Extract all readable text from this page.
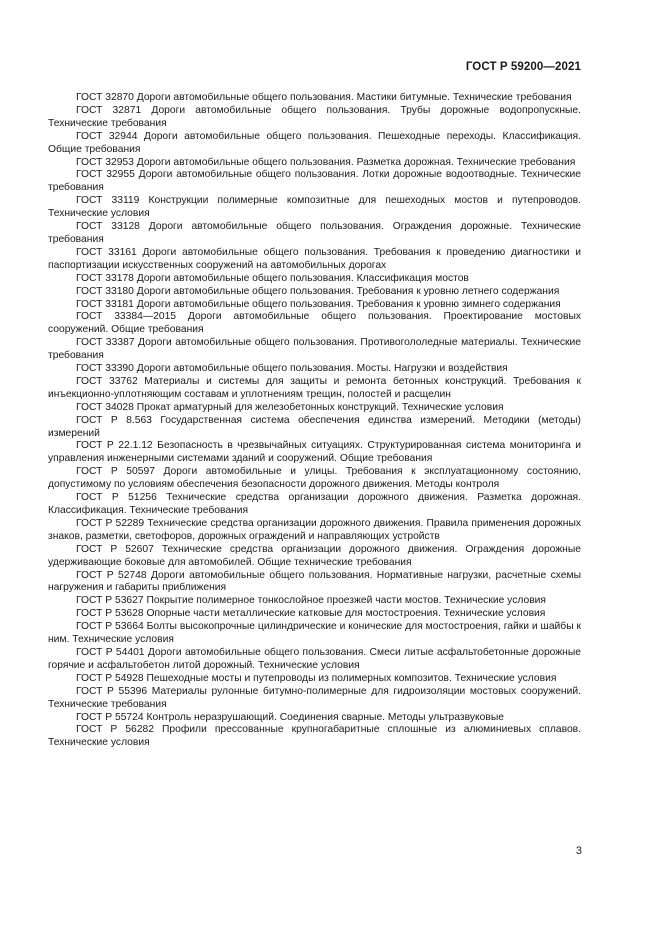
ГОСТ Р 59200—2021

ГОСТ 32870 Дороги автомобильные общего пользования. Мастики битумные. Технические требования

ГОСТ 32871 Дороги автомобильные общего пользования. Трубы дорожные водопропускные. Технические требования

ГОСТ 32944 Дороги автомобильные общего пользования. Пешеходные переходы. Классификация. Общие требования

ГОСТ 32953 Дороги автомобильные общего пользования. Разметка дорожная. Технические требования

ГОСТ 32955 Дороги автомобильные общего пользования. Лотки дорожные водоотводные. Технические требования

ГОСТ 33119 Конструкции полимерные композитные для пешеходных мостов и путепроводов. Технические условия

ГОСТ 33128 Дороги автомобильные общего пользования. Ограждения дорожные. Технические требования

ГОСТ 33161 Дороги автомобильные общего пользования. Требования к проведению диагностики и паспортизации искусственных сооружений на автомобильных дорогах

ГОСТ 33178 Дороги автомобильные общего пользования. Классификация мостов

ГОСТ 33180 Дороги автомобильные общего пользования. Требования к уровню летнего содержания

ГОСТ 33181 Дороги автомобильные общего пользования. Требования к уровню зимнего содержания

ГОСТ 33384—2015 Дороги автомобильные общего пользования. Проектирование мостовых сооружений. Общие требования

ГОСТ 33387 Дороги автомобильные общего пользования. Противогололедные материалы. Технические требования

ГОСТ 33390 Дороги автомобильные общего пользования. Мосты. Нагрузки и воздействия

ГОСТ 33762 Материалы и системы для защиты и ремонта бетонных конструкций. Требования к инъекционно-уплотняющим составам и уплотнениям трещин, полостей и расщелин

ГОСТ 34028 Прокат арматурный для железобетонных конструкций. Технические условия

ГОСТ Р 8.563 Государственная система обеспечения единства измерений. Методики (методы) измерений

ГОСТ Р 22.1.12 Безопасность в чрезвычайных ситуациях. Структурированная система мониторинга и управления инженерными системами зданий и сооружений. Общие требования

ГОСТ Р 50597 Дороги автомобильные и улицы. Требования к эксплуатационному состоянию, допустимому по условиям обеспечения безопасности дорожного движения. Методы контроля

ГОСТ Р 51256 Технические средства организации дорожного движения. Разметка дорожная. Классификация. Технические требования

ГОСТ Р 52289 Технические средства организации дорожного движения. Правила применения дорожных знаков, разметки, светофоров, дорожных ограждений и направляющих устройств

ГОСТ Р 52607 Технические средства организации дорожного движения. Ограждения дорожные удерживающие боковые для автомобилей. Общие технические требования

ГОСТ Р 52748 Дороги автомобильные общего пользования. Нормативные нагрузки, расчетные схемы нагружения и габариты приближения

ГОСТ Р 53627 Покрытие полимерное тонкослойное проезжей части мостов. Технические условия

ГОСТ Р 53628 Опорные части металлические катковые для мостостроения. Технические условия

ГОСТ Р 53664 Болты высокопрочные цилиндрические и конические для мостостроения, гайки и шайбы к ним. Технические условия

ГОСТ Р 54401 Дороги автомобильные общего пользования. Смеси литые асфальтобетонные дорожные горячие и асфальтобетон литой дорожный. Технические условия

ГОСТ Р 54928 Пешеходные мосты и путепроводы из полимерных композитов. Технические условия

ГОСТ Р 55396 Материалы рулонные битумно-полимерные для гидроизоляции мостовых сооружений. Технические требования

ГОСТ Р 55724 Контроль неразрушающий. Соединения сварные. Методы ультразвуковые

ГОСТ Р 56282 Профили прессованные крупногабаритные сплошные из алюминиевых сплавов. Технические условия

3
